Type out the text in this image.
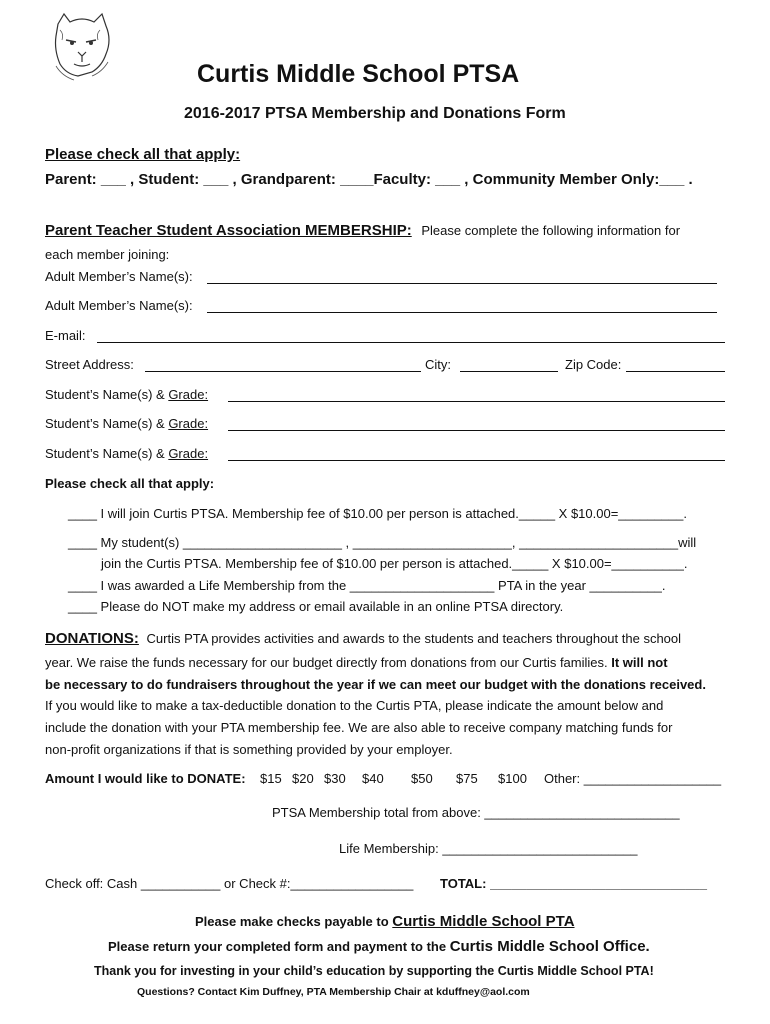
Curtis Middle School PTSA
2016-2017 PTSA Membership and Donations Form
Please check all that apply:
Parent: ___ , Student: ___ , Grandparent: ____Faculty: ___ , Community Member Only:___ .
Parent Teacher Student Association MEMBERSHIP: Please complete the following information for
each member joining:
Adult Member’s Name(s):
Adult Member’s Name(s):
E-mail:
Street Address:	City:	Zip Code:
Student’s Name(s) & Grade:
Student’s Name(s) & Grade:
Student’s Name(s) & Grade:
Please check all that apply:
____ I will join Curtis PTSA. Membership fee of $10.00 per person is attached._____ X $10.00=_________.
____ My student(s) ______________________ , ______________________, ______________________will
join the Curtis PTSA. Membership fee of $10.00 per person is attached._____ X $10.00=__________.
____ I was awarded a Life Membership from the ____________________ PTA in the year __________.
____ Please do NOT make my address or email available in an online PTSA directory.
DONATIONS: Curtis PTA provides activities and awards to the students and teachers throughout the school
year. We raise the funds necessary for our budget directly from donations from our Curtis families. It will not
be necessary to do fundraisers throughout the year if we can meet our budget with the donations received.
If you would like to make a tax-deductible donation to the Curtis PTA, please indicate the amount below and
include the donation with your PTA membership fee. We are also able to receive company matching funds for
non-profit organizations if that is something provided by your employer.
Amount I would like to DONATE: $15 $20 $30 $40 $50 $75 $100 Other: ___________________
PTSA Membership total from above: ___________________________
Life Membership: ___________________________
Check off: Cash ___________ or Check #:_________________ TOTAL: ______________________________
Please make checks payable to Curtis Middle School PTA
Please return your completed form and payment to the Curtis Middle School Office.
Thank you for investing in your child’s education by supporting the Curtis Middle School PTA!
Questions? Contact Kim Duffney, PTA Membership Chair at kduffney@aol.com
